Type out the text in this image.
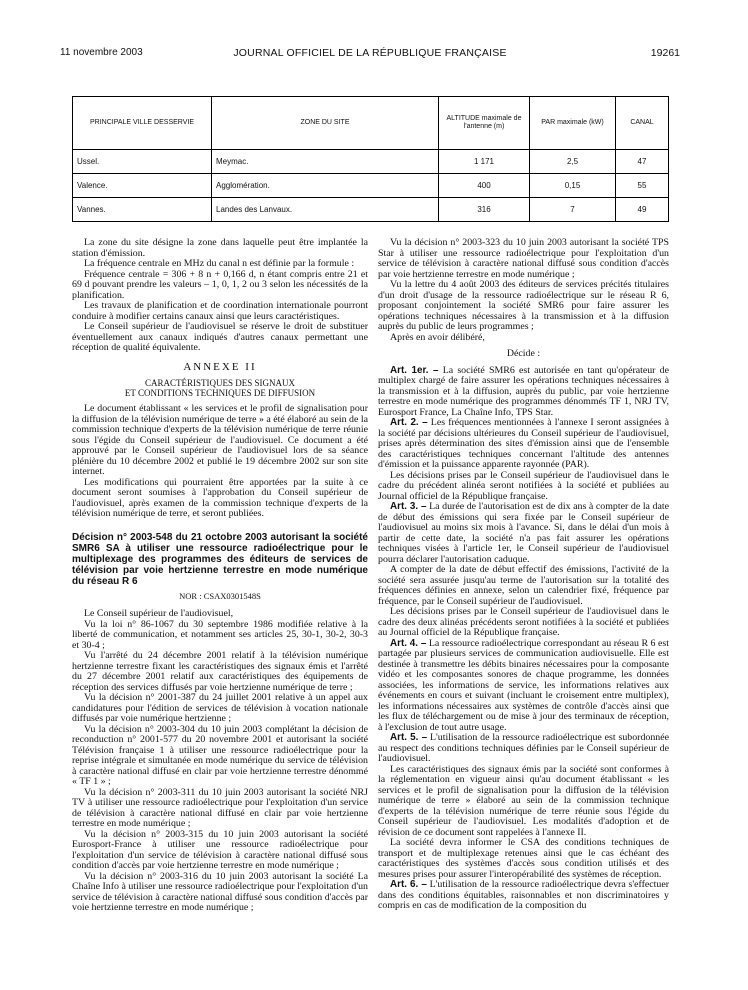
11 novembre 2003	JOURNAL OFFICIEL DE LA RÉPUBLIQUE FRANÇAISE	19261
PRINCIPALE VILLE DESSERVIE	ZONE DU SITE	ALTITUDE maximale de l'antenne (m)	PAR maximale (kW)	CANAL
Ussel.	Meymac.	1 171	2,5	47
Valence.	Agglomération.	400	0,15	55
Vannes.	Landes des Lanvaux.	316	7	49

La zone du site désigne la zone dans laquelle peut être implantée la station d'émission.

La fréquence centrale en MHz du canal n est définie par la formule :

Fréquence centrale = 306 + 8 n + 0,166 d, n étant compris entre 21 et 69 d pouvant prendre les valeurs – 1, 0, 1, 2 ou 3 selon les nécessités de la planification.

Les travaux de planification et de coordination internationale pourront conduire à modifier certains canaux ainsi que leurs caractéristiques.

Le Conseil supérieur de l'audiovisuel se réserve le droit de substituer éventuellement aux canaux indiqués d'autres canaux permettant une réception de qualité équivalente.

ANNEXE II

CARACTÉRISTIQUES DES SIGNAUX
ET CONDITIONS TECHNIQUES DE DIFFUSION

Le document établissant « les services et le profil de signalisation pour la diffusion de la télévision numérique de terre » a été élaboré au sein de la commission technique d'experts de la télévision numérique de terre réunie sous l'égide du Conseil supérieur de l'audiovisuel. Ce document a été approuvé par le Conseil supérieur de l'audiovisuel lors de sa séance plénière du 10 décembre 2002 et publié le 19 décembre 2002 sur son site internet.

Les modifications qui pourraient être apportées par la suite à ce document seront soumises à l'approbation du Conseil supérieur de l'audiovisuel, après examen de la commission technique d'experts de la télévision numérique de terre, et seront publiées.

Décision n° 2003-548 du 21 octobre 2003 autorisant la société SMR6 SA à utiliser une ressource radioélectrique pour le multiplexage des programmes des éditeurs de services de télévision par voie hertzienne terrestre en mode numérique du réseau R 6

NOR : CSAX0301548S

Le Conseil supérieur de l'audiovisuel,

Vu la loi n° 86-1067 du 30 septembre 1986 modifiée relative à la liberté de communication, et notamment ses articles 25, 30-1, 30-2, 30-3 et 30-4 ;

Vu l'arrêté du 24 décembre 2001 relatif à la télévision numérique hertzienne terrestre fixant les caractéristiques des signaux émis et l'arrêté du 27 décembre 2001 relatif aux caractéristiques des équipements de réception des services diffusés par voie hertzienne numérique de terre ;

Vu la décision n° 2001-387 du 24 juillet 2001 relative à un appel aux candidatures pour l'édition de services de télévision à vocation nationale diffusés par voie numérique hertzienne ;

Vu la décision n° 2003-304 du 10 juin 2003 complétant la décision de reconduction n° 2001-577 du 20 novembre 2001 et autorisant la société Télévision française 1 à utiliser une ressource radioélectrique pour la reprise intégrale et simultanée en mode numérique du service de télévision à caractère national diffusé en clair par voie hertzienne terrestre dénommé « TF 1 » ;

Vu la décision n° 2003-311 du 10 juin 2003 autorisant la société NRJ TV à utiliser une ressource radioélectrique pour l'exploitation d'un service de télévision à caractère national diffusé en clair par voie hertzienne terrestre en mode numérique ;

Vu la décision n° 2003-315 du 10 juin 2003 autorisant la société Eurosport-France à utiliser une ressource radioélectrique pour l'exploitation d'un service de télévision à caractère national diffusé sous condition d'accès par voie hertzienne terrestre en mode numérique ;

Vu la décision n° 2003-316 du 10 juin 2003 autorisant la société La Chaîne Info à utiliser une ressource radioélectrique pour l'exploitation d'un service de télévision à caractère national diffusé sous condition d'accès par voie hertzienne terrestre en mode numérique ;

Vu la décision n° 2003-323 du 10 juin 2003 autorisant la société TPS Star à utiliser une ressource radioélectrique pour l'exploitation d'un service de télévision à caractère national diffusé sous condition d'accès par voie hertzienne terrestre en mode numérique ;

Vu la lettre du 4 août 2003 des éditeurs de services précités titulaires d'un droit d'usage de la ressource radioélectrique sur le réseau R 6, proposant conjointement la société SMR6 pour faire assurer les opérations techniques nécessaires à la transmission et à la diffusion auprès du public de leurs programmes ;

Après en avoir délibéré,

Décide :

Art. 1er. – La société SMR6 est autorisée en tant qu'opérateur de multiplex chargé de faire assurer les opérations techniques nécessaires à la transmission et à la diffusion, auprès du public, par voie hertzienne terrestre en mode numérique des programmes dénommés TF 1, NRJ TV, Eurosport France, La Chaîne Info, TPS Star.

Art. 2. – Les fréquences mentionnées à l'annexe I seront assignées à la société par décisions ultérieures du Conseil supérieur de l'audiovisuel, prises après détermination des sites d'émission ainsi que de l'ensemble des caractéristiques techniques concernant l'altitude des antennes d'émission et la puissance apparente rayonnée (PAR).

Les décisions prises par le Conseil supérieur de l'audiovisuel dans le cadre du précédent alinéa seront notifiées à la société et publiées au Journal officiel de la République française.

Art. 3. – La durée de l'autorisation est de dix ans à compter de la date de début des émissions qui sera fixée par le Conseil supérieur de l'audiovisuel au moins six mois à l'avance. Si, dans le délai d'un mois à partir de cette date, la société n'a pas fait assurer les opérations techniques visées à l'article 1er, le Conseil supérieur de l'audiovisuel pourra déclarer l'autorisation caduque.

A compter de la date de début effectif des émissions, l'activité de la société sera assurée jusqu'au terme de l'autorisation sur la totalité des fréquences définies en annexe, selon un calendrier fixé, fréquence par fréquence, par le Conseil supérieur de l'audiovisuel.

Les décisions prises par le Conseil supérieur de l'audiovisuel dans le cadre des deux alinéas précédents seront notifiées à la société et publiées au Journal officiel de la République française.

Art. 4. – La ressource radioélectrique correspondant au réseau R 6 est partagée par plusieurs services de communication audiovisuelle. Elle est destinée à transmettre les débits binaires nécessaires pour la composante vidéo et les composantes sonores de chaque programme, les données associées, les informations de service, les informations relatives aux événements en cours et suivant (incluant le croisement entre multiplex), les informations nécessaires aux systèmes de contrôle d'accès ainsi que les flux de téléchargement ou de mise à jour des terminaux de réception, à l'exclusion de tout autre usage.

Art. 5. – L'utilisation de la ressource radioélectrique est subordonnée au respect des conditions techniques définies par le Conseil supérieur de l'audiovisuel.

Les caractéristiques des signaux émis par la société sont conformes à la réglementation en vigueur ainsi qu'au document établissant « les services et le profil de signalisation pour la diffusion de la télévision numérique de terre » élaboré au sein de la commission technique d'experts de la télévision numérique de terre réunie sous l'égide du Conseil supérieur de l'audiovisuel. Les modalités d'adoption et de révision de ce document sont rappelées à l'annexe II.

La société devra informer le CSA des conditions techniques de transport et de multiplexage retenues ainsi que le cas échéant des caractéristiques des systèmes d'accès sous condition utilisés et des mesures prises pour assurer l'interopérabilité des systèmes de réception.

Art. 6. – L'utilisation de la ressource radioélectrique devra s'effectuer dans des conditions équitables, raisonnables et non discriminatoires y compris en cas de modification de la composition du
